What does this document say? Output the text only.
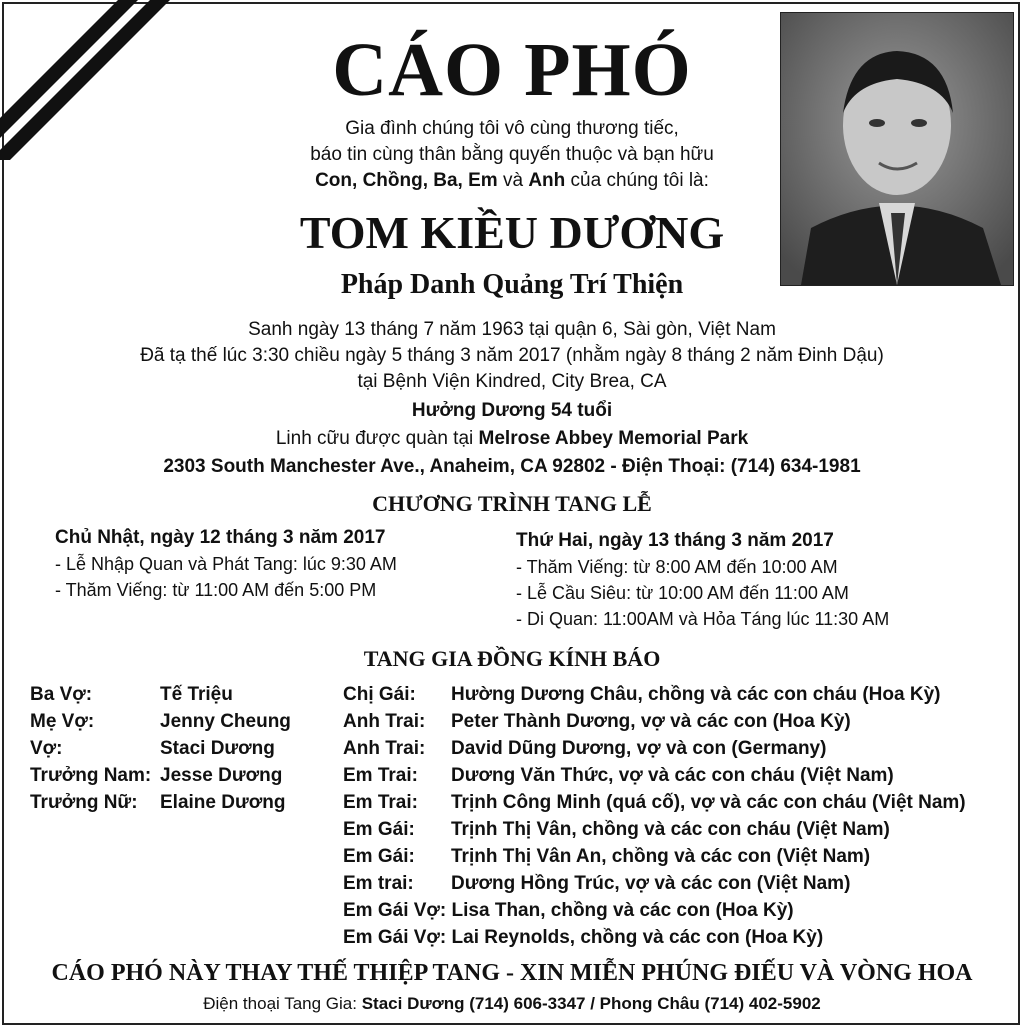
CÁO PHÓ
Gia đình chúng tôi vô cùng thương tiếc,
báo tin cùng thân bằng quyến thuộc và bạn hữu
Con, Chồng, Ba, Em và Anh của chúng tôi là:
TOM KIỀU DƯƠNG
Pháp Danh Quảng Trí Thiện
Sanh ngày 13 tháng 7 năm 1963 tại quận 6, Sài gòn, Việt Nam
Đã tạ thế lúc 3:30 chiều ngày 5 tháng 3 năm 2017 (nhằm ngày 8 tháng 2 năm Đinh Dậu)
tại Bệnh Viện Kindred, City Brea, CA
Hưởng Dương 54 tuổi
Linh cữu được quàn tại Melrose Abbey Memorial Park
2303 South Manchester Ave., Anaheim, CA 92802 - Điện Thoại: (714) 634-1981
CHƯƠNG TRÌNH TANG LỄ
Chủ Nhật, ngày 12 tháng 3 năm 2017
- Lễ Nhập Quan và Phát Tang: lúc 9:30 AM
- Thăm Viếng: từ 11:00 AM đến 5:00 PM
Thứ Hai, ngày 13 tháng 3 năm 2017
- Thăm Viếng: từ 8:00 AM đến 10:00 AM
- Lễ Cầu Siêu: từ 10:00 AM đến 11:00 AM
- Di Quan: 11:00AM và Hỏa Táng lúc 11:30 AM
TANG GIA ĐỒNG KÍNH BÁO
Ba Vợ:	Tế Triệu
Mẹ Vợ:	Jenny Cheung
Vợ:	Staci Dương
Trưởng Nam: Jesse Dương
Trưởng Nữ:	Elaine Dương
Chị Gái:	Hường Dương Châu, chồng và các con cháu (Hoa Kỳ)
Anh Trai:	Peter Thành Dương, vợ và các con (Hoa Kỳ)
Anh Trai:	David Dũng Dương, vợ và con (Germany)
Em Trai:	Dương Văn Thức, vợ và các con cháu (Việt Nam)
Em Trai:	Trịnh Công Minh (quá cố), vợ và các con cháu (Việt Nam)
Em Gái:	Trịnh Thị Vân, chồng và các con cháu (Việt Nam)
Em Gái:	Trịnh Thị Vân An, chồng và các con (Việt Nam)
Em trai:	Dương Hồng Trúc, vợ và các con (Việt Nam)
Em Gái Vợ: Lisa Than, chồng và các con (Hoa Kỳ)
Em Gái Vợ: Lai Reynolds, chồng và các con (Hoa Kỳ)
CÁO PHÓ NÀY THAY THẾ THIỆP TANG - XIN MIỄN PHÚNG ĐIẾU VÀ VÒNG HOA
Điện thoại Tang Gia: Staci Dương (714) 606-3347 / Phong Châu (714) 402-5902
